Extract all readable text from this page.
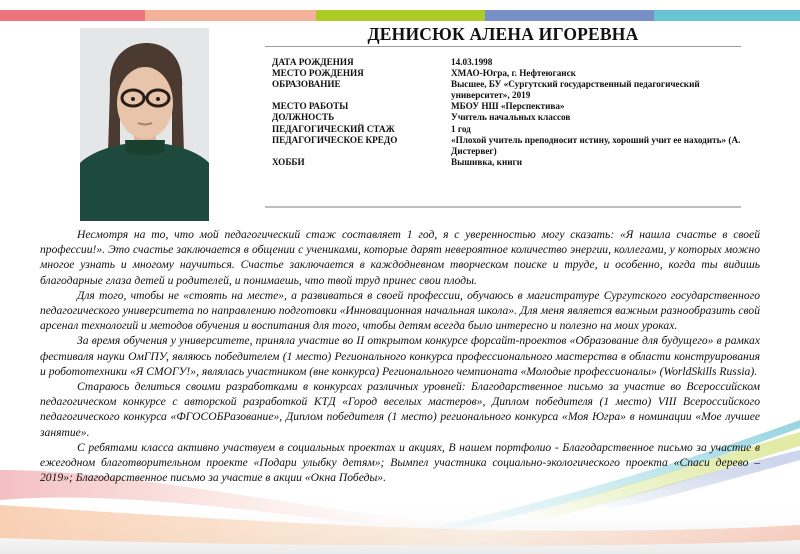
ДЕНИСЮК АЛЕНА ИГОРЕВНА
ДАТА РОЖДЕНИЯ	14.03.1998
МЕСТО РОЖДЕНИЯ	ХМАО-Югра, г. Нефтеюганск
ОБРАЗОВАНИЕ	Высшее, БУ «Сургутский государственный педагогический университет», 2019
МЕСТО РАБОТЫ	МБОУ НШ «Перспектива»
ДОЛЖНОСТЬ	Учитель начальных классов
ПЕДАГОГИЧЕСКИЙ СТАЖ	1 год
ПЕДАГОГИЧЕСКОЕ КРЕДО	«Плохой учитель преподносит истину, хороший учит ее находить» (А. Дистервег)
ХОББИ	Вышивка, книги

Несмотря на то, что мой педагогический стаж составляет 1 год, я с уверенностью могу сказать: «Я нашла счастье в своей профессии!». Это счастье заключается в общении с учениками, которые дарят невероятное количество энергии, коллегами, у которых можно многое узнать и многому научиться. Счастье заключается в каждодневном творческом поиске и труде, и особенно, когда ты видишь благодарные глаза детей и родителей, и понимаешь, что твой труд принес свои плоды.

Для того, чтобы не «стоять на месте», а развиваться в своей профессии, обучаюсь в магистратуре Сургутского государственного педагогического университета по направлению подготовки «Инновационная начальная школа». Для меня является важным разнообразить свой арсенал технологий и методов обучения и воспитания для того, чтобы детям всегда было интересно и полезно на моих уроках.

За время обучения у университете, приняла участие во II открытом конкурсе форсайт-проектов «Образование для будущего» в рамках фестиваля науки ОмГПУ, являюсь победителем (1 место) Регионального конкурса профессионального мастерства в области конструирования и робототехники «Я СМОГУ!», являлась участником (вне конкурса) Регионального чемпионата «Молодые профессионалы» (WorldSkills Russia).

Стараюсь делиться своими разработками в конкурсах различных уровней: Благодарственное письмо за участие во Всероссийском педагогическом конкурсе с авторской разработкой КТД «Город веселых мастеров», Диплом победителя (1 место) VIII Всероссийского педагогического конкурса «ФГОСОБРазование», Диплом победителя (1 место) регионального конкурса «Моя Югра» в номинации «Мое лучшее занятие».

С ребятами класса активно участвуем в социальных проектах и акциях, В нашем портфолио - Благодарственное письмо за участие в ежегодном благотворительном проекте «Подари улыбку детям»; Вымпел участника социально-экологического проекта «Спаси дерево – 2019»; Благодарственное письмо за участие в акции «Окна Победы».
